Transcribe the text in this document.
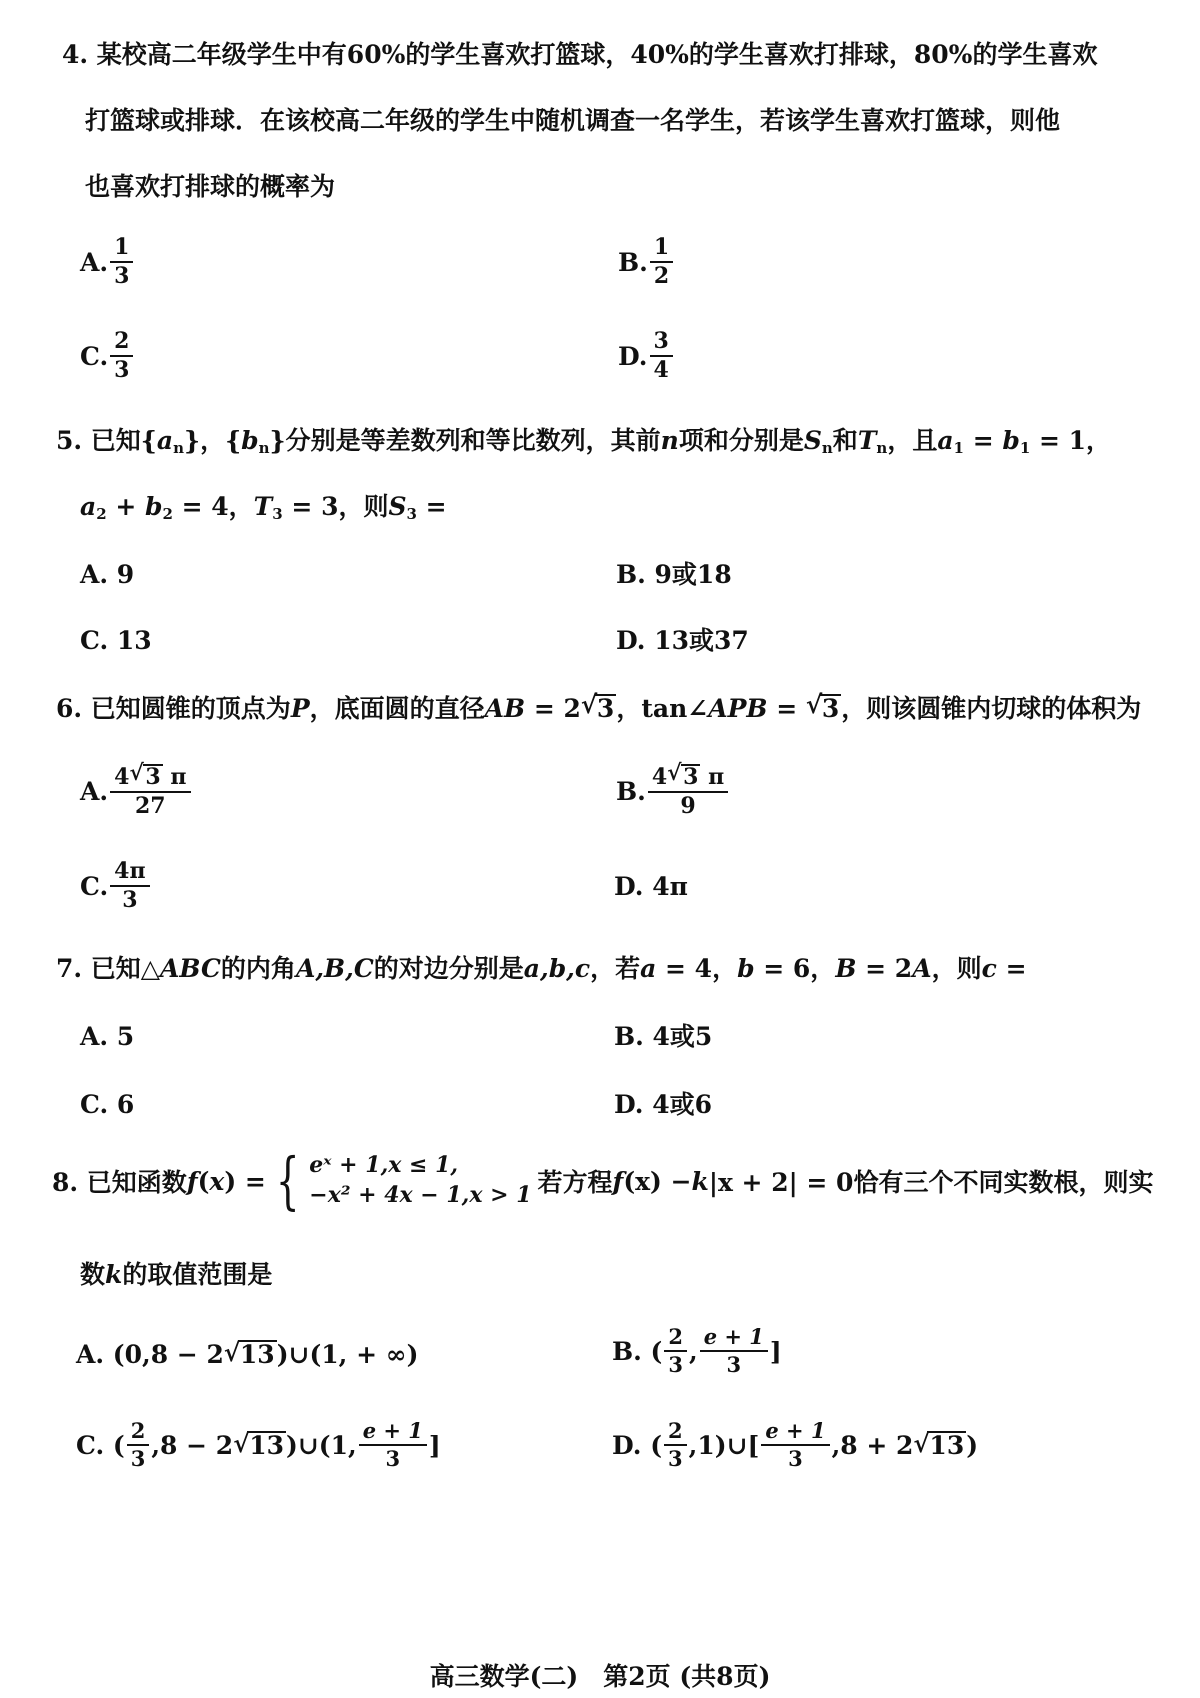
4. 某校高二年级学生中有60%的学生喜欢打篮球，40%的学生喜欢打排球，80%的学生喜欢
打篮球或排球．在该校高二年级的学生中随机调查一名学生，若该学生喜欢打篮球，则他
也喜欢打排球的概率为
A. $\frac{1}{3}$	B. $\frac{1}{2}$
C. $\frac{2}{3}$	D. $\frac{3}{4}$
5. 已知$\{a_n\}$，$\{b_n\}$分别是等差数列和等比数列，其前n项和分别是$S_n$和$T_n$，且$a_1 = b_1 = 1$，
$a_2 + b_2 = 4$，$T_3 = 3$，则$S_3$ =
A. 9	B. 9或18
C. 13	D. 13或37
6. 已知圆锥的顶点为P，底面圆的直径AB = 2 √ 3，tan∠APB = √ 3，则该圆锥内切球的体积为
A. $\frac{4 √ 3 \pi}{27}$	B. $\frac{4 √ 3 \pi}{9}$
C. $\frac{4\pi}{3}$	D. 4π
7. 已知△ABC的内角A,B,C的对边分别是a,b,c，若a = 4，b = 6，B = 2A，则c =
A. 5	B. 4或5
C. 6	D. 4或6
8. 已知函数 f ( x ) = { eˣ + 1,x ≤ 1,
−x² + 4x − 1,x > 1 若方程 f (x) − k |x + 2| = 0恰有三个不同实数根，则实
数k的取值范围是
A. (0,8 − 2 √ 13 )∪(1, + ∞)	B. ( $\frac{2}{3}$ , $\frac{e + 1}{3}$ ]
C. ( $\frac{2}{3} ,8 - 2$ √ 13 )∪(1, $\frac{e + 1}{3}$ ]	D. ( $\frac{2}{3}$ ,1)∪[ $\frac{e + 1}{3} ,8 + 2$ √ 13 )
高三数学(二)　第2页 (共8页)
